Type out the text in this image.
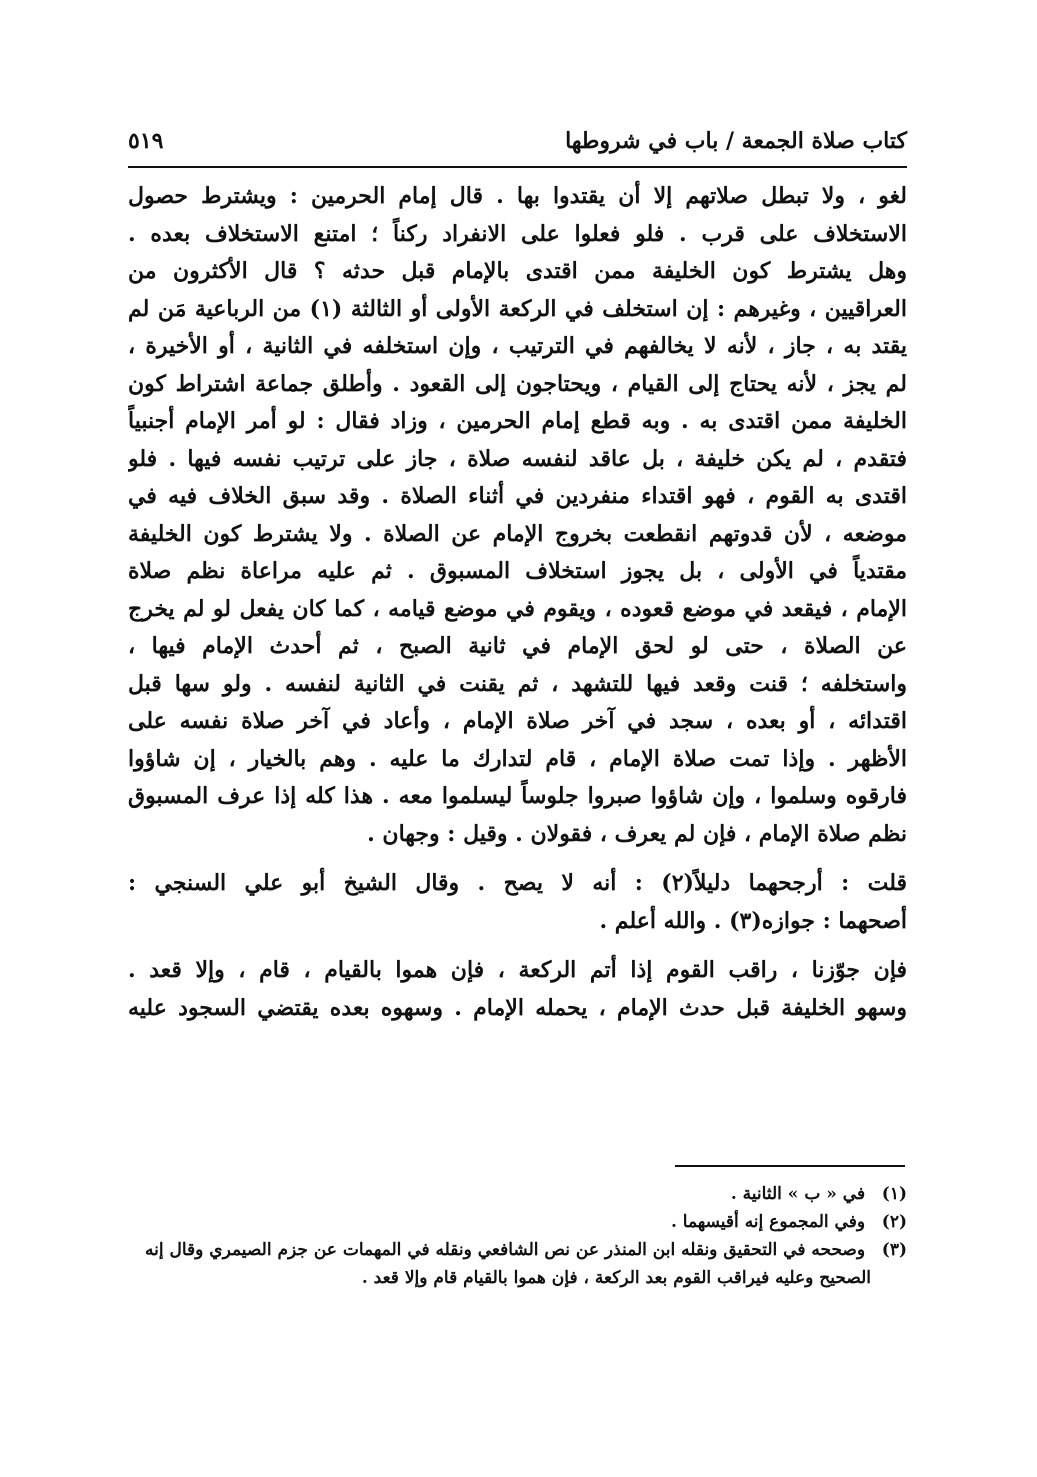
كتاب صلاة الجمعة / باب في شروطها
٥١٩
لغو ، ولا تبطل صلاتهم إلا أن يقتدوا بها . قال إمام الحرمين : ويشترط حصول
الاستخلاف على قرب . فلو فعلوا على الانفراد ركناً ؛ امتنع الاستخلاف بعده .
وهل يشترط كون الخليفة ممن اقتدى بالإمام قبل حدثه ؟ قال الأكثرون من
العراقيين ، وغيرهم : إن استخلف في الركعة الأولى أو الثالثة (١) من الرباعية مَن لم
يقتد به ، جاز ، لأنه لا يخالفهم في الترتيب ، وإن استخلفه في الثانية ، أو الأخيرة ،
لم يجز ، لأنه يحتاج إلى القيام ، ويحتاجون إلى القعود . وأطلق جماعة اشتراط كون
الخليفة ممن اقتدى به . وبه قطع إمام الحرمين ، وزاد فقال : لو أمر الإمام أجنبياً
فتقدم ، لم يكن خليفة ، بل عاقد لنفسه صلاة ، جاز على ترتيب نفسه فيها . فلو
اقتدى به القوم ، فهو اقتداء منفردين في أثناء الصلاة . وقد سبق الخلاف فيه في
موضعه ، لأن قدوتهم انقطعت بخروج الإمام عن الصلاة . ولا يشترط كون الخليفة
مقتدياً في الأولى ، بل يجوز استخلاف المسبوق . ثم عليه مراعاة نظم صلاة
الإمام ، فيقعد في موضع قعوده ، ويقوم في موضع قيامه ، كما كان يفعل لو لم يخرج
عن الصلاة ، حتى لو لحق الإمام في ثانية الصبح ، ثم أحدث الإمام فيها ،
واستخلفه ؛ قنت وقعد فيها للتشهد ، ثم يقنت في الثانية لنفسه . ولو سها قبل
اقتدائه ، أو بعده ، سجد في آخر صلاة الإمام ، وأعاد في آخر صلاة نفسه على
الأظهر . وإذا تمت صلاة الإمام ، قام لتدارك ما عليه . وهم بالخيار ، إن شاؤوا
فارقوه وسلموا ، وإن شاؤوا صبروا جلوساً ليسلموا معه . هذا كله إذا عرف المسبوق
نظم صلاة الإمام ، فإن لم يعرف ، فقولان . وقيل : وجهان .
قلت : أرجحهما دليلاً(٢) : أنه لا يصح . وقال الشيخ أبو علي السنجي :
أصحهما : جوازه(٣) . والله أعلم .
فإن جوّزنا ، راقب القوم إذا أتم الركعة ، فإن هموا بالقيام ، قام ، وإلا قعد .
وسهو الخليفة قبل حدث الإمام ، يحمله الإمام . وسهوه بعده يقتضي السجود عليه
(١) في « ب » الثانية .
(٢) وفي المجموع إنه أقيسهما .
(٣) وصححه في التحقيق ونقله ابن المنذر عن نص الشافعي ونقله في المهمات عن جزم الصيمري وقال إنه
الصحيح وعليه فيراقب القوم بعد الركعة ، فإن هموا بالقيام قام وإلا قعد .
